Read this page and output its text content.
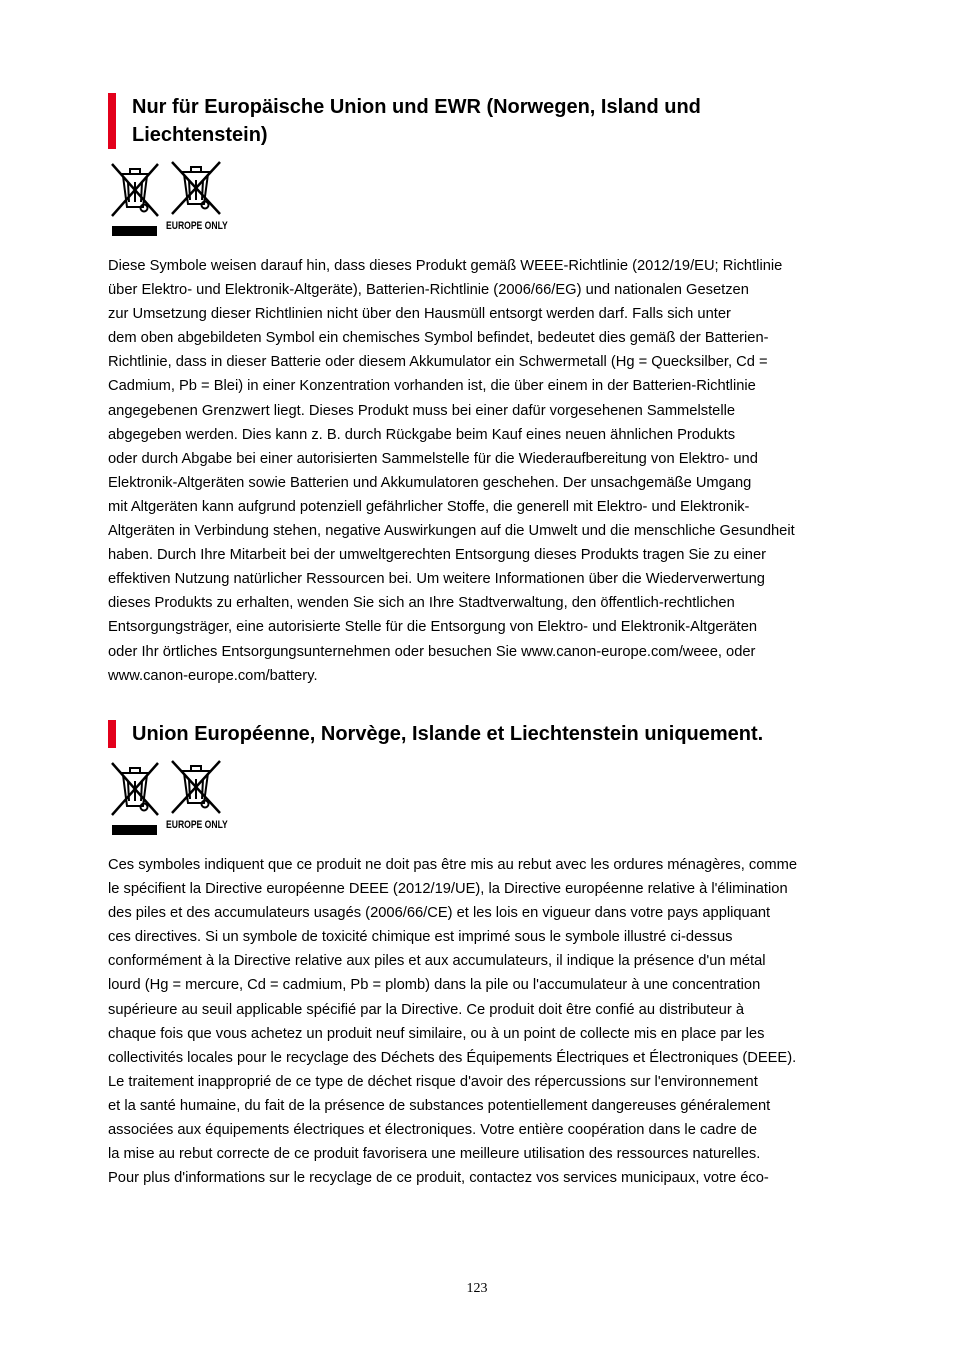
Nur für Europäische Union und EWR (Norwegen, Island und
Liechtenstein)
EUROPE ONLY
Diese Symbole weisen darauf hin, dass dieses Produkt gemäß WEEE-Richtlinie (2012/19/EU; Richtlinie
über Elektro- und Elektronik-Altgeräte), Batterien-Richtlinie (2006/66/EG) und nationalen Gesetzen
zur Umsetzung dieser Richtlinien nicht über den Hausmüll entsorgt werden darf. Falls sich unter
dem oben abgebildeten Symbol ein chemisches Symbol befindet, bedeutet dies gemäß der Batterien-
Richtlinie, dass in dieser Batterie oder diesem Akkumulator ein Schwermetall (Hg = Quecksilber, Cd =
Cadmium, Pb = Blei) in einer Konzentration vorhanden ist, die über einem in der Batterien-Richtlinie
angegebenen Grenzwert liegt. Dieses Produkt muss bei einer dafür vorgesehenen Sammelstelle
abgegeben werden. Dies kann z. B. durch Rückgabe beim Kauf eines neuen ähnlichen Produkts
oder durch Abgabe bei einer autorisierten Sammelstelle für die Wiederaufbereitung von Elektro- und
Elektronik-Altgeräten sowie Batterien und Akkumulatoren geschehen. Der unsachgemäße Umgang
mit Altgeräten kann aufgrund potenziell gefährlicher Stoffe, die generell mit Elektro- und Elektronik-
Altgeräten in Verbindung stehen, negative Auswirkungen auf die Umwelt und die menschliche Gesundheit
haben. Durch Ihre Mitarbeit bei der umweltgerechten Entsorgung dieses Produkts tragen Sie zu einer
effektiven Nutzung natürlicher Ressourcen bei. Um weitere Informationen über die Wiederverwertung
dieses Produkts zu erhalten, wenden Sie sich an Ihre Stadtverwaltung, den öffentlich-rechtlichen
Entsorgungsträger, eine autorisierte Stelle für die Entsorgung von Elektro- und Elektronik-Altgeräten
oder Ihr örtliches Entsorgungsunternehmen oder besuchen Sie www.canon-europe.com/weee, oder
www.canon-europe.com/battery.
Union Européenne, Norvège, Islande et Liechtenstein uniquement.
EUROPE ONLY
Ces symboles indiquent que ce produit ne doit pas être mis au rebut avec les ordures ménagères, comme
le spécifient la Directive européenne DEEE (2012/19/UE), la Directive européenne relative à l'élimination
des piles et des accumulateurs usagés (2006/66/CE) et les lois en vigueur dans votre pays appliquant
ces directives. Si un symbole de toxicité chimique est imprimé sous le symbole illustré ci-dessus
conformément à la Directive relative aux piles et aux accumulateurs, il indique la présence d'un métal
lourd (Hg = mercure, Cd = cadmium, Pb = plomb) dans la pile ou l'accumulateur à une concentration
supérieure au seuil applicable spécifié par la Directive. Ce produit doit être confié au distributeur à
chaque fois que vous achetez un produit neuf similaire, ou à un point de collecte mis en place par les
collectivités locales pour le recyclage des Déchets des Équipements Électriques et Électroniques (DEEE).
Le traitement inapproprié de ce type de déchet risque d'avoir des répercussions sur l'environnement
et la santé humaine, du fait de la présence de substances potentiellement dangereuses généralement
associées aux équipements électriques et électroniques. Votre entière coopération dans le cadre de
la mise au rebut correcte de ce produit favorisera une meilleure utilisation des ressources naturelles.
Pour plus d'informations sur le recyclage de ce produit, contactez vos services municipaux, votre éco-
123
